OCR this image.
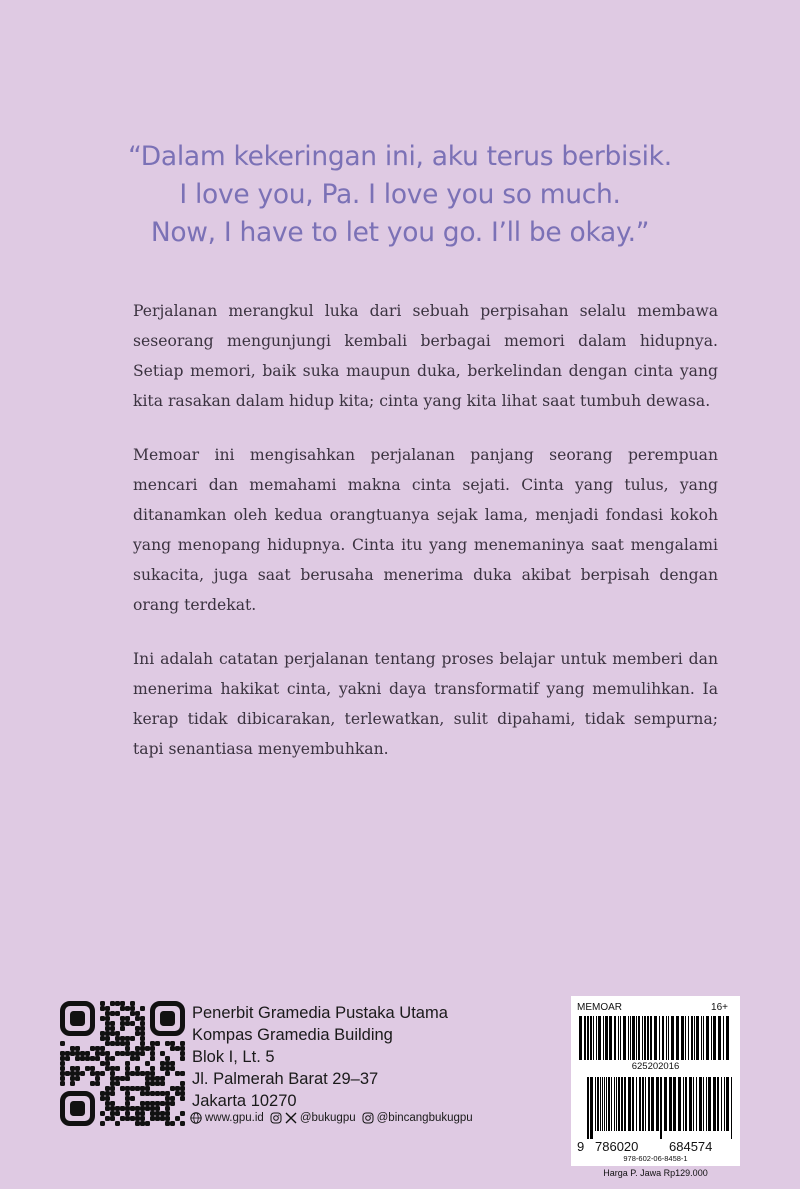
“Dalam kekeringan ini, aku terus berbisik.
I love you, Pa. I love you so much.
Now, I have to let you go. I’ll be okay.”

Perjalanan merangkul luka dari sebuah perpisahan selalu membawa seseorang mengunjungi kembali berbagai memori dalam hidupnya. Setiap memori, baik suka maupun duka, berkelindan dengan cinta yang kita rasakan dalam hidup kita; cinta yang kita lihat saat tumbuh dewasa.

Memoar ini mengisahkan perjalanan panjang seorang perempuan mencari dan memahami makna cinta sejati. Cinta yang tulus, yang ditanamkan oleh kedua orangtuanya sejak lama, menjadi fondasi kokoh yang menopang hidupnya. Cinta itu yang menemaninya saat mengalami sukacita, juga saat berusaha menerima duka akibat berpisah dengan orang terdekat.

Ini adalah catatan perjalanan tentang proses belajar untuk memberi dan menerima hakikat cinta, yakni daya transformatif yang memulihkan. Ia kerap tidak dibicarakan, terlewatkan, sulit dipahami, tidak sempurna; tapi senantiasa menyembuhkan.

Penerbit Gramedia Pustaka Utama
Kompas Gramedia Building
Blok I, Lt. 5
Jl. Palmerah Barat 29–37
Jakarta 10270
www.gpu.id	@bukugpu @bincangbukugpu
MEMOAR	16+
625202016
9 786020 684574
978-602-06-8458-1
Harga P. Jawa Rp129.000
